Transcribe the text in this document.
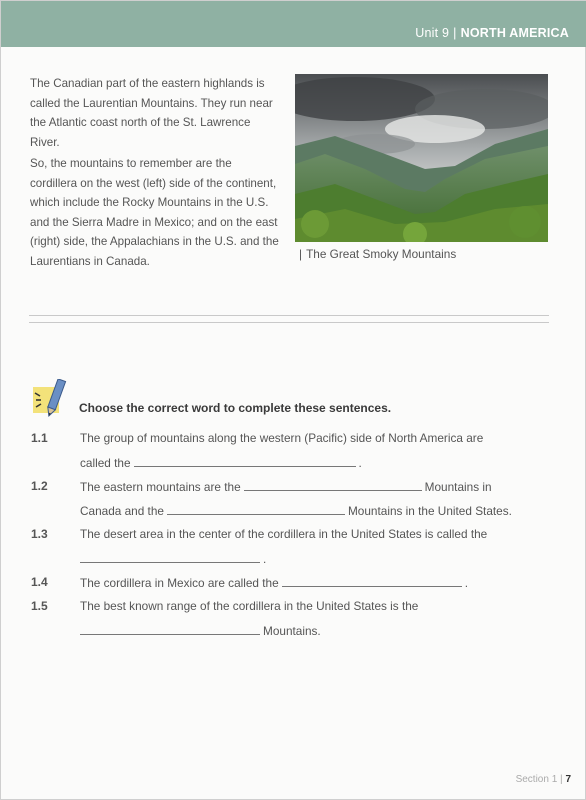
Unit 9 | NORTH AMERICA

The Canadian part of the eastern highlands is called the Laurentian Mountains. They run near the Atlantic coast north of the St. Lawrence River.

So, the mountains to remember are the cordillera on the west (left) side of the continent, which include the Rocky Mountains in the U.S. and the Sierra Madre in Mexico; and on the east (right) side, the Appalachians in the U.S. and the Laurentians in Canada.

| The Great Smoky Mountains
Choose the correct word to complete these sentences.
1.1	The group of mountains along the western (Pacific) side of North America are
called the	.
1.2	The eastern mountains are the	Mountains in
Canada and the	Mountains in the United States.
1.3	The desert area in the center of the cordillera in the United States is called the
.
1.4	The cordillera in Mexico are called the	.
1.5	The best known range of the cordillera in the United States is the
Mountains.
Section 1 | 7
